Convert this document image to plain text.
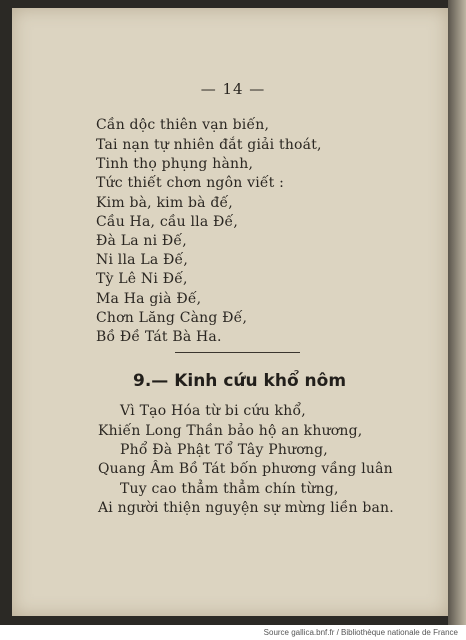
— 14 —
Cần dộc thiên vạn biến,
Tai nạn tự nhiên đắt giải thoát,
Tinh thọ phụng hành,
Tức thiết chơn ngôn viết :
Kim bà, kim bà đế,
Cầu Ha, cầu lla Đế,
Đà La ni Đế,
Ni lla La Đế,
Tỳ Lê Ni Đế,
Ma Ha già Đế,
Chơn Lăng Càng Đế,
Bồ Đề Tát Bà Ha.
9.— Kinh cứu khổ nôm
Vì Tạo Hóa từ bi cứu khổ,
Khiến Long Thần bảo hộ an khương,
Phổ Đà Phật Tổ Tây Phương,
Quang Âm Bồ Tát bốn phương vầng luân
Tuy cao thẳm thẳm chín từng,
Ai người thiện nguyện sự mừng liền ban.
Source gallica.bnf.fr / Bibliothèque nationale de France
